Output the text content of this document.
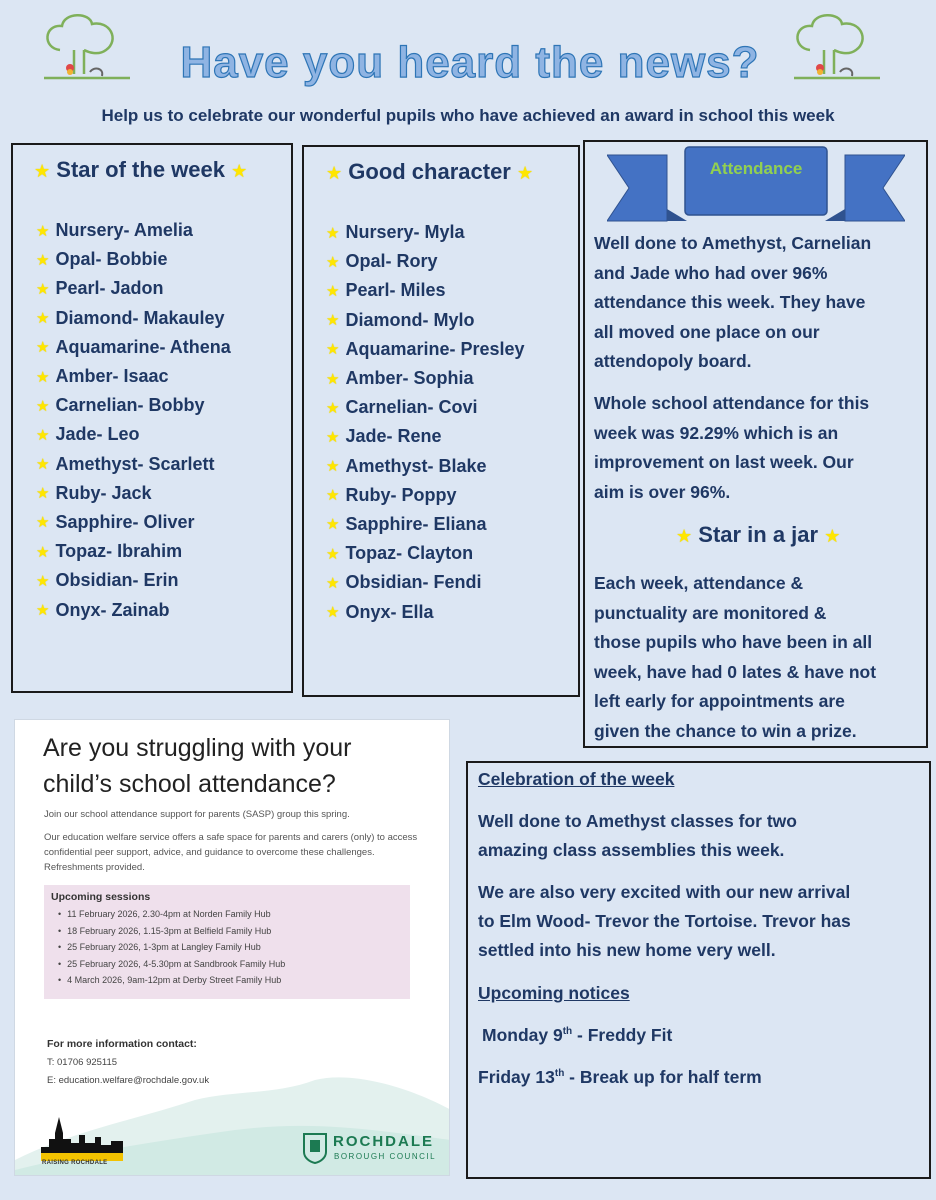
Have you heard the news?
Help us to celebrate our wonderful pupils who have achieved an award in school this week
★ Star of the week ★
★ Nursery- Amelia
★ Opal- Bobbie
★ Pearl- Jadon
★ Diamond- Makauley
★ Aquamarine- Athena
★ Amber- Isaac
★ Carnelian- Bobby
★ Jade- Leo
★ Amethyst- Scarlett
★ Ruby- Jack
★ Sapphire- Oliver
★ Topaz- Ibrahim
★ Obsidian- Erin
★ Onyx- Zainab
★ Good character ★
★ Nursery- Myla
★ Opal- Rory
★ Pearl- Miles
★ Diamond- Mylo
★ Aquamarine- Presley
★ Amber- Sophia
★ Carnelian- Covi
★ Jade- Rene
★ Amethyst- Blake
★ Ruby- Poppy
★ Sapphire- Eliana
★ Topaz- Clayton
★ Obsidian- Fendi
★ Onyx- Ella
Attendance
Well done to Amethyst, Carnelian
and Jade who had over 96%
attendance this week. They have
all moved one place on our
attendopoly board.
Whole school attendance for this
week was 92.29% which is an
improvement on last week. Our
aim is over 96%.
★ Star in a jar ★
Each week, attendance &
punctuality are monitored &
those pupils who have been in all
week, have had 0 lates & have not
left early for appointments are
given the chance to win a prize.
Are you struggling with your
child’s school attendance?
Join our school attendance support for parents (SASP) group this spring.
Our education welfare service offers a safe space for parents and carers (only) to access confidential peer support, advice, and guidance to overcome these challenges. Refreshments provided.
Upcoming sessions
• 11 February 2026, 2.30-4pm at Norden Family Hub
• 18 February 2026, 1.15-3pm at Belfield Family Hub
• 25 February 2026, 1-3pm at Langley Family Hub
• 25 February 2026, 4-5.30pm at Sandbrook Family Hub
• 4 March 2026, 9am-12pm at Derby Street Family Hub
For more information contact:
T: 01706 925115
E: education.welfare@rochdale.gov.uk
RAISING ROCHDALE
ROCHDALE
BOROUGH COUNCIL
Celebration of the week
Well done to Amethyst classes for two
amazing class assemblies this week.
We are also very excited with our new arrival
to Elm Wood- Trevor the Tortoise. Trevor has
settled into his new home very well.
Upcoming notices
Monday 9th - Freddy Fit
Friday 13th - Break up for half term
